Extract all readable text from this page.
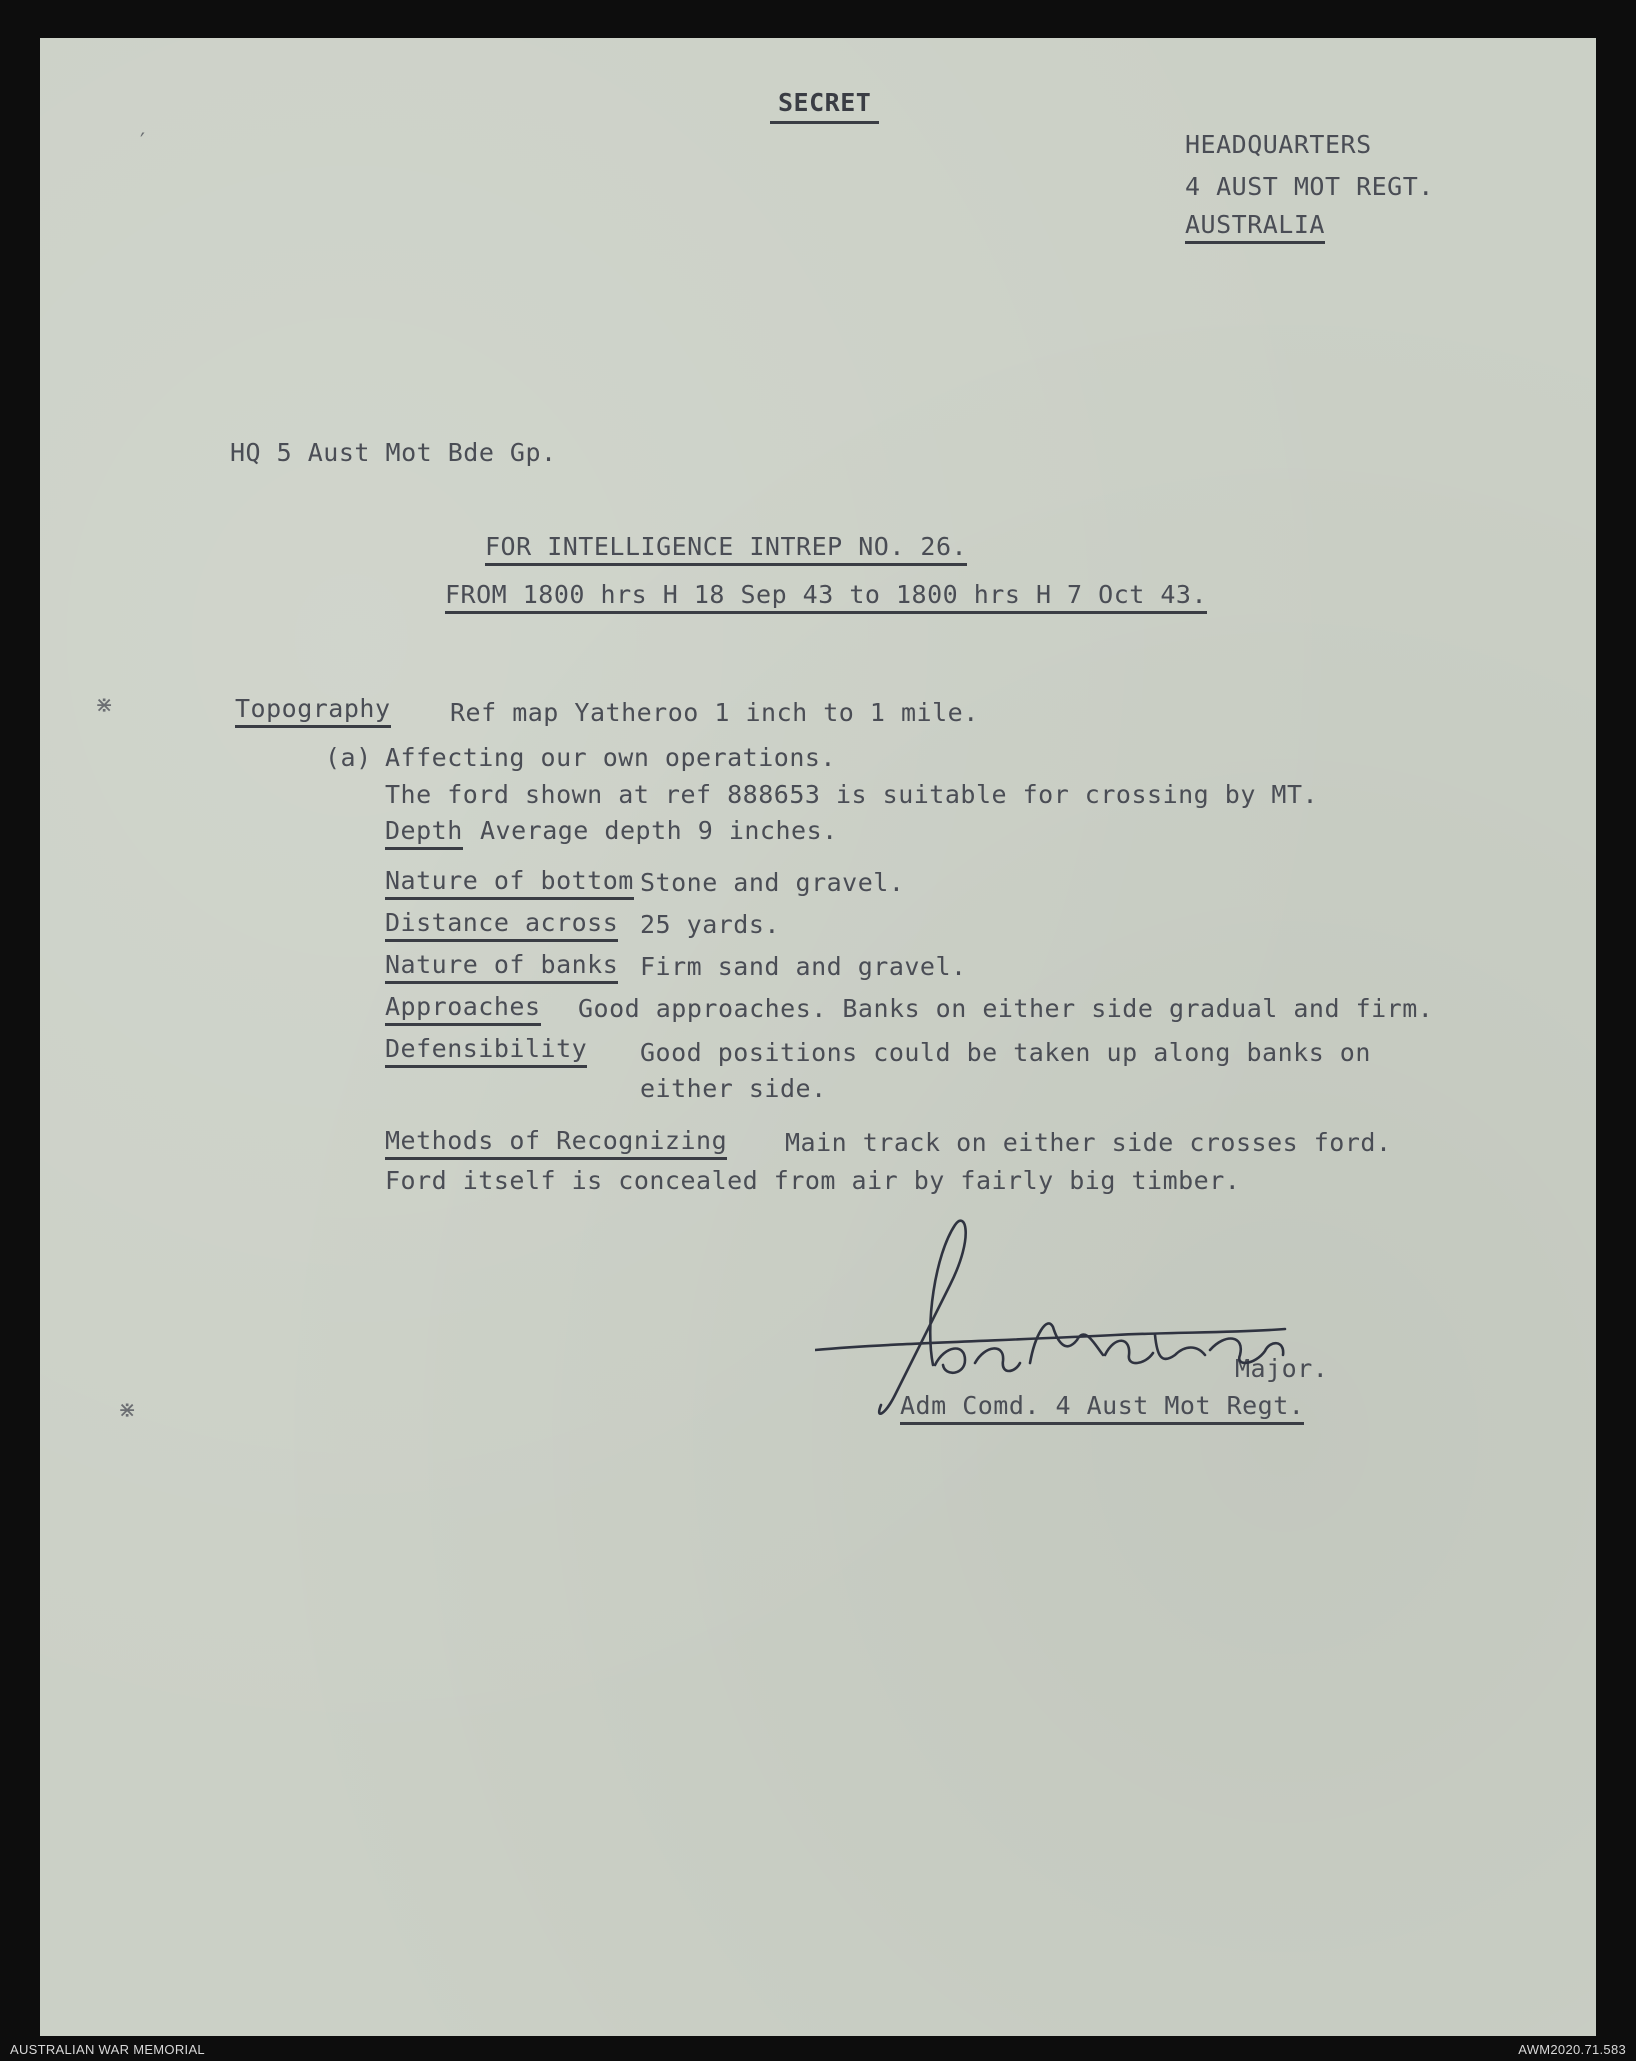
SECRET
HEADQUARTERS
4 AUST MOT REGT.
AUSTRALIA
HQ 5 Aust Mot Bde Gp.
FOR INTELLIGENCE INTREP NO. 26.
FROM 1800 hrs H 18 Sep 43 to 1800 hrs H 7 Oct 43.
Topography Ref map Yatheroo 1 inch to 1 mile.
(a) Affecting our own operations.
The ford shown at ref 888653 is suitable for crossing by MT.
Depth Average depth 9 inches.
Nature of bottom Stone and gravel.
Distance across 25 yards.
Nature of banks Firm sand and gravel.
Approaches Good approaches. Banks on either side gradual and firm.
Defensibility Good positions could be taken up along banks on
either side.
Methods of Recognizing Main track on either side crosses ford.
Ford itself is concealed from air by fairly big timber.
Major.
Adm Comd. 4 Aust Mot Regt.
′
⋇
⋇
AUSTRALIAN WAR MEMORIAL	AWM2020.71.583
